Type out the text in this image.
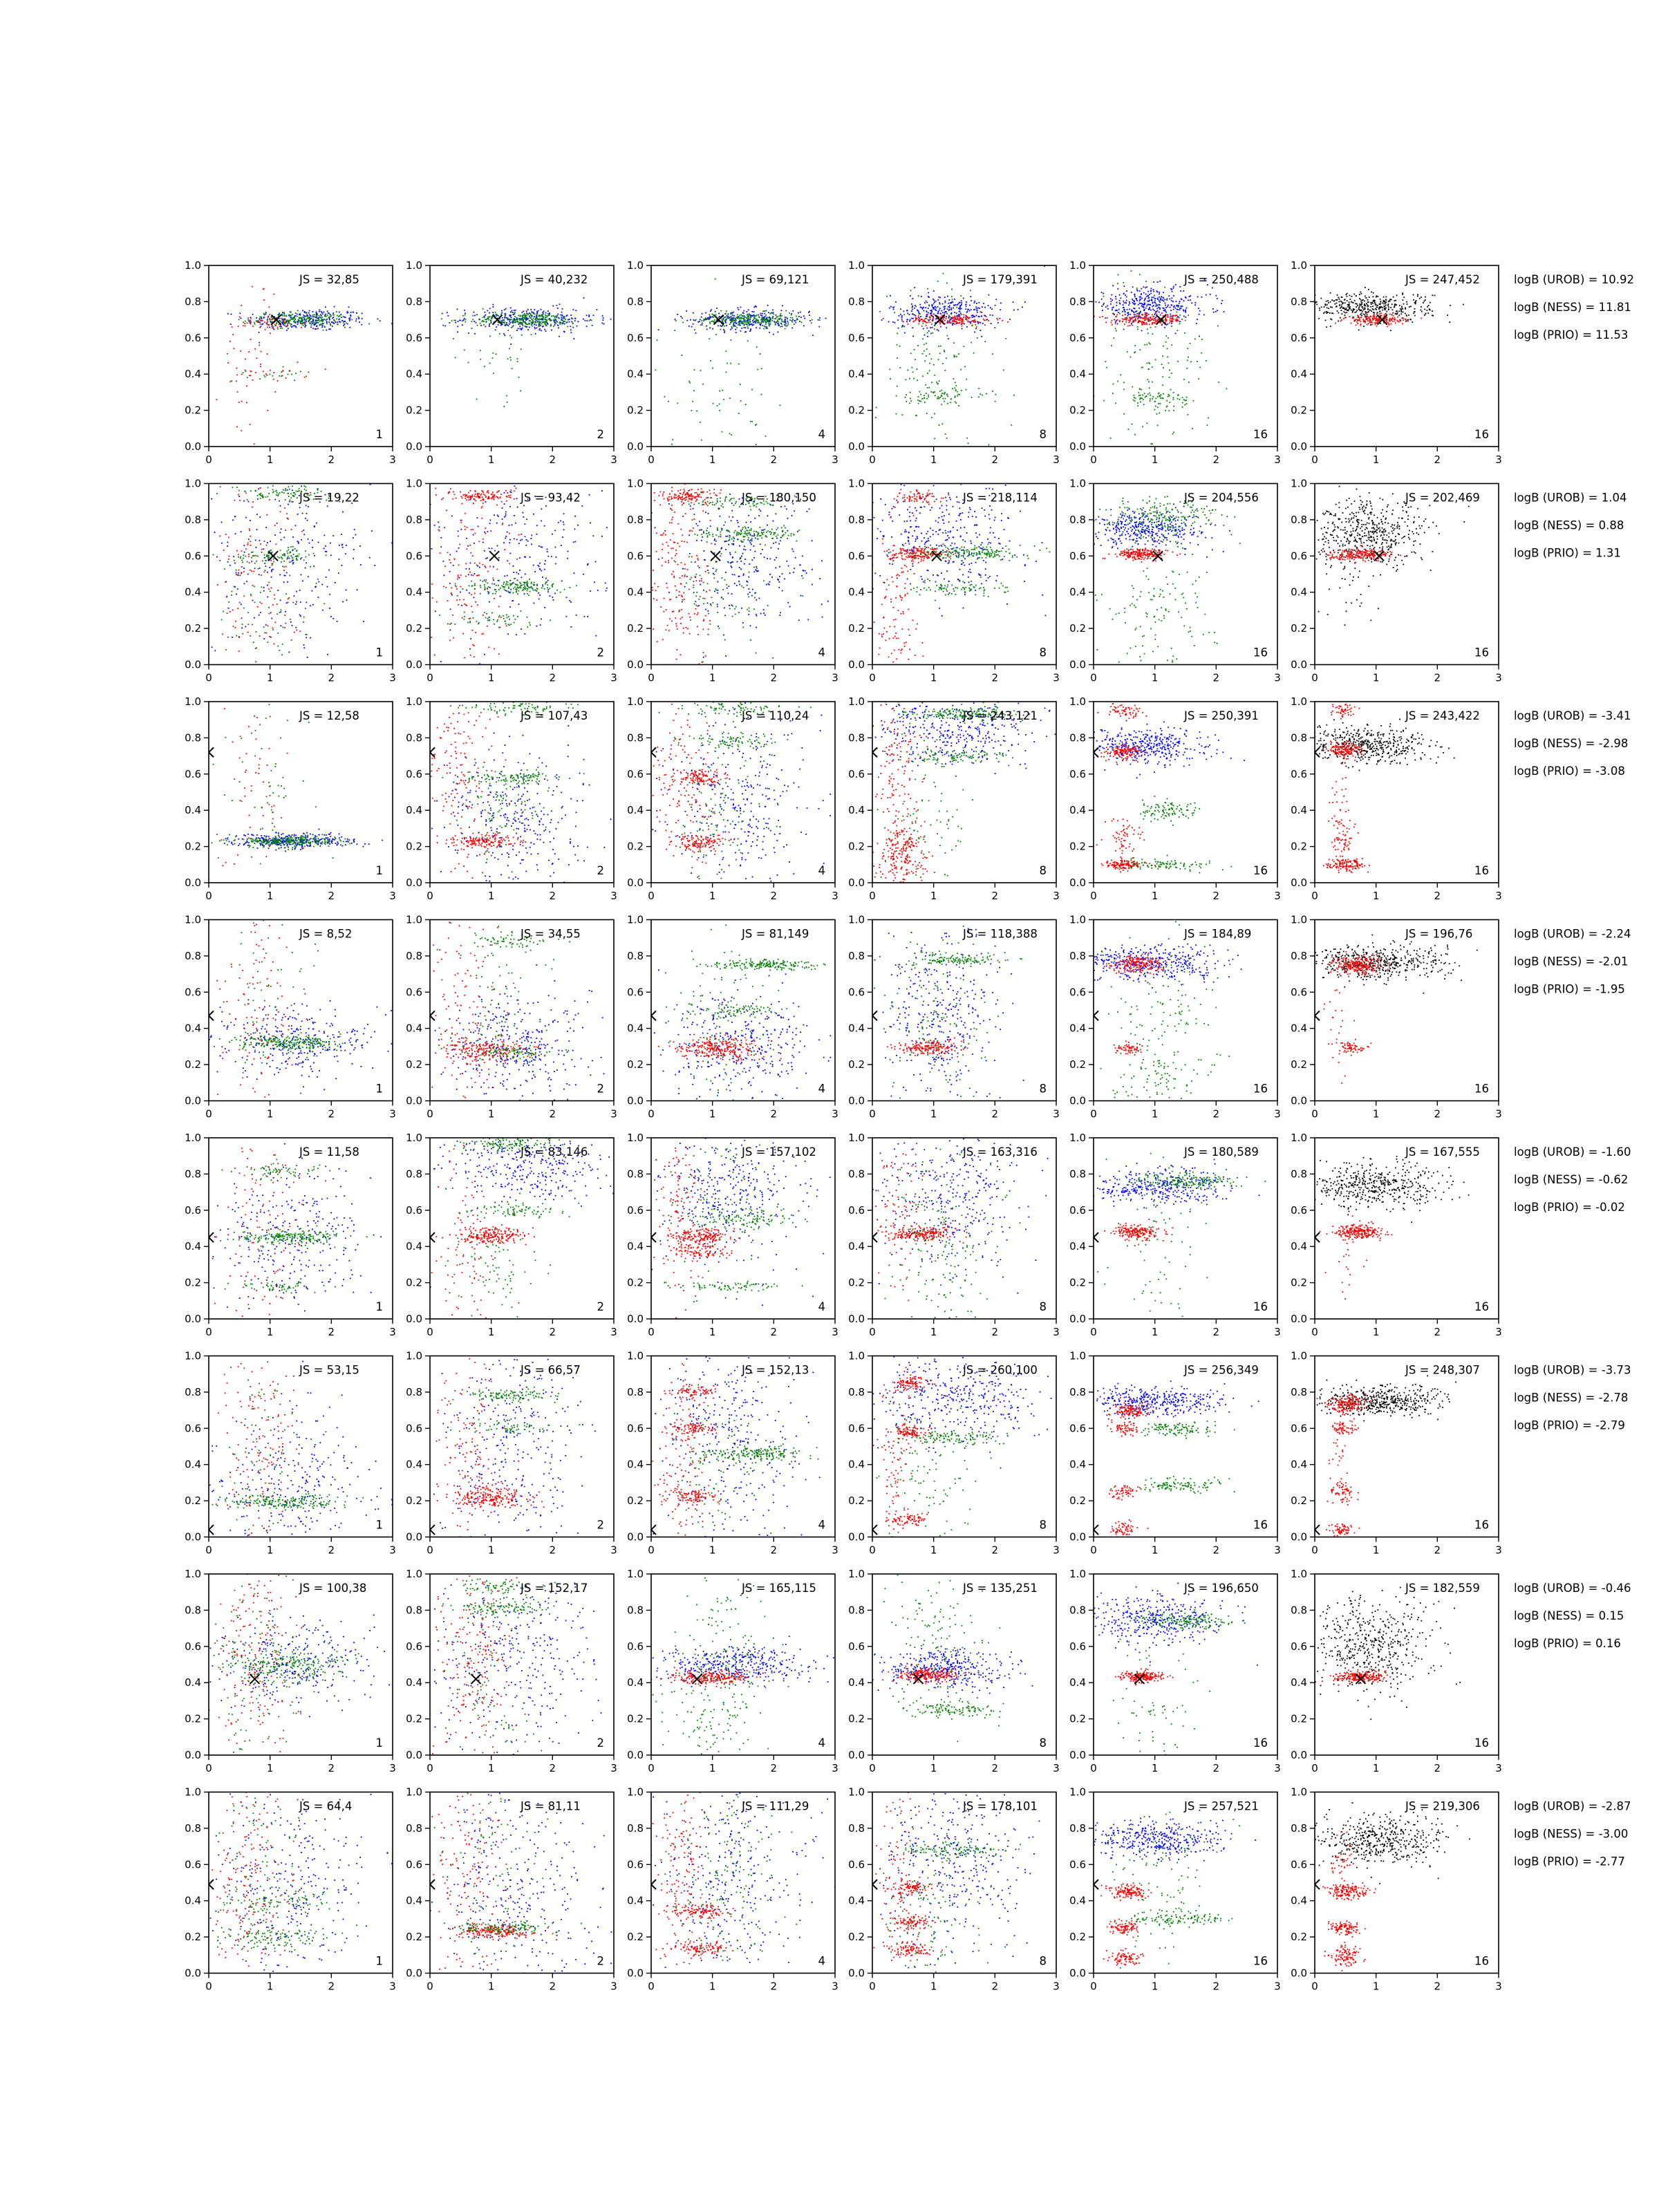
0	1	2	3
0.0
0.2
0.4
0.6
0.8
1.0
JS = 32,85
1
0	1	2	3
0.0
0.2
0.4
0.6
0.8
1.0
JS = 40,232
2
0	1	2	3
0.0
0.2
0.4
0.6
0.8
1.0
JS = 69,121
4
0	1	2	3
0.0
0.2
0.4
0.6
0.8
1.0
JS = 179,391
8
0	1	2	3
0.0
0.2
0.4
0.6
0.8
1.0
JS = 250,488
16
0	1	2	3
0.0
0.2
0.4
0.6
0.8
1.0
JS = 247,452
16
logB (UROB) = 10.92
logB (NESS) = 11.81
logB (PRIO) = 11.53
0	1	2	3
0.0
0.2
0.4
0.6
0.8
1.0
JS = 19,22
1
0	1	2	3
0.0
0.2
0.4
0.6
0.8
1.0
JS = 93,42
2
0	1	2	3
0.0
0.2
0.4
0.6
0.8
1.0
JS = 180,150
4
0	1	2	3
0.0
0.2
0.4
0.6
0.8
1.0
JS = 218,114
8
0	1	2	3
0.0
0.2
0.4
0.6
0.8
1.0
JS = 204,556
16
0	1	2	3
0.0
0.2
0.4
0.6
0.8
1.0
JS = 202,469
16
logB (UROB) = 1.04
logB (NESS) = 0.88
logB (PRIO) = 1.31
0	1	2	3
0.0
0.2
0.4
0.6
0.8
1.0
JS = 12,58
1
0	1	2	3
0.0
0.2
0.4
0.6
0.8
1.0
JS = 107,43
2
0	1	2	3
0.0
0.2
0.4
0.6
0.8
1.0
JS = 110,24
4
0	1	2	3
0.0
0.2
0.4
0.6
0.8
1.0
JS = 243,121
8
0	1	2	3
0.0
0.2
0.4
0.6
0.8
1.0
JS = 250,391
16
0	1	2	3
0.0
0.2
0.4
0.6
0.8
1.0
JS = 243,422
16
logB (UROB) = -3.41
logB (NESS) = -2.98
logB (PRIO) = -3.08
0	1	2	3
0.0
0.2
0.4
0.6
0.8
1.0
JS = 8,52
1
0	1	2	3
0.0
0.2
0.4
0.6
0.8
1.0
JS = 34,55
2
0	1	2	3
0.0
0.2
0.4
0.6
0.8
1.0
JS = 81,149
4
0	1	2	3
0.0
0.2
0.4
0.6
0.8
1.0
JS = 118,388
8
0	1	2	3
0.0
0.2
0.4
0.6
0.8
1.0
JS = 184,89
16
0	1	2	3
0.0
0.2
0.4
0.6
0.8
1.0
JS = 196,76
16
logB (UROB) = -2.24
logB (NESS) = -2.01
logB (PRIO) = -1.95
0	1	2	3
0.0
0.2
0.4
0.6
0.8
1.0
JS = 11,58
1
0	1	2	3
0.0
0.2
0.4
0.6
0.8
1.0
JS = 83,146
2
0	1	2	3
0.0
0.2
0.4
0.6
0.8
1.0
JS = 157,102
4
0	1	2	3
0.0
0.2
0.4
0.6
0.8
1.0
JS = 163,316
8
0	1	2	3
0.0
0.2
0.4
0.6
0.8
1.0
JS = 180,589
16
0	1	2	3
0.0
0.2
0.4
0.6
0.8
1.0
JS = 167,555
16
logB (UROB) = -1.60
logB (NESS) = -0.62
logB (PRIO) = -0.02
0	1	2	3
0.0
0.2
0.4
0.6
0.8
1.0
JS = 53,15
1
0	1	2	3
0.0
0.2
0.4
0.6
0.8
1.0
JS = 66,57
2
0	1	2	3
0.0
0.2
0.4
0.6
0.8
1.0
JS = 152,13
4
0	1	2	3
0.0
0.2
0.4
0.6
0.8
1.0
JS = 260,100
8
0	1	2	3
0.0
0.2
0.4
0.6
0.8
1.0
JS = 256,349
16
0	1	2	3
0.0
0.2
0.4
0.6
0.8
1.0
JS = 248,307
16
logB (UROB) = -3.73
logB (NESS) = -2.78
logB (PRIO) = -2.79
0	1	2	3
0.0
0.2
0.4
0.6
0.8
1.0
JS = 100,38
1
0	1	2	3
0.0
0.2
0.4
0.6
0.8
1.0
JS = 152,17
2
0	1	2	3
0.0
0.2
0.4
0.6
0.8
1.0
JS = 165,115
4
0	1	2	3
0.0
0.2
0.4
0.6
0.8
1.0
JS = 135,251
8
0	1	2	3
0.0
0.2
0.4
0.6
0.8
1.0
JS = 196,650
16
0	1	2	3
0.0
0.2
0.4
0.6
0.8
1.0
JS = 182,559
16
logB (UROB) = -0.46
logB (NESS) = 0.15
logB (PRIO) = 0.16
0	1	2	3
0.0
0.2
0.4
0.6
0.8
1.0
JS = 64,4
1
0	1	2	3
0.0
0.2
0.4
0.6
0.8
1.0
JS = 81,11
2
0	1	2	3
0.0
0.2
0.4
0.6
0.8
1.0
JS = 111,29
4
0	1	2	3
0.0
0.2
0.4
0.6
0.8
1.0
JS = 178,101
8
0	1	2	3
0.0
0.2
0.4
0.6
0.8
1.0
JS = 257,521
16
0	1	2	3
0.0
0.2
0.4
0.6
0.8
1.0
JS = 219,306
16
logB (UROB) = -2.87
logB (NESS) = -3.00
logB (PRIO) = -2.77
